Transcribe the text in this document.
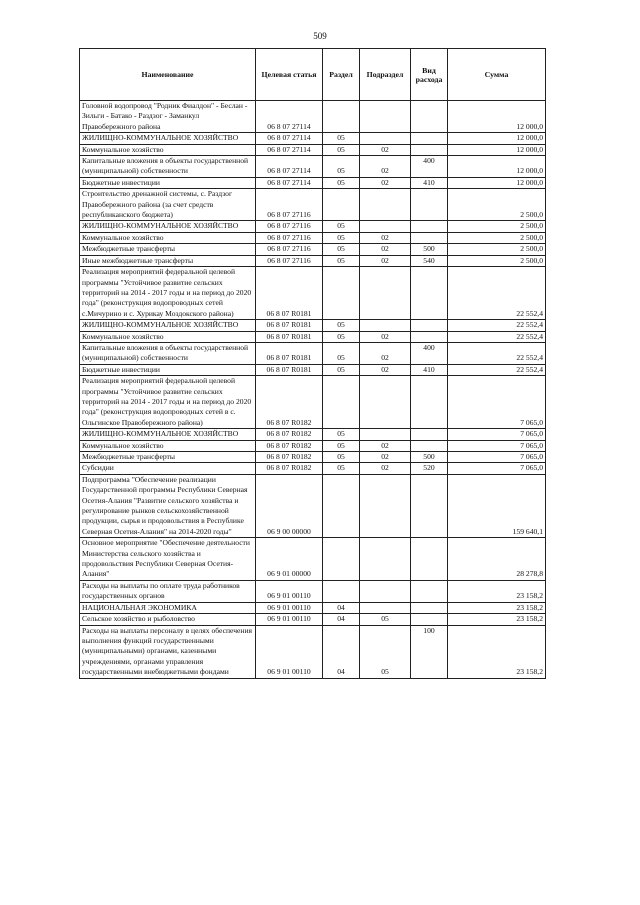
509
Наименование	Целевая статья	Раздел	Подраздел	Вид расхода	Сумма
Головной водопровод "Родник Фиалдон" - Беслан - Зильги - Батако - Раздзог - Заманкул Правобережного района	06 8 07 27114				12 000,0
ЖИЛИЩНО-КОММУНАЛЬНОЕ ХОЗЯЙСТВО	06 8 07 27114	05			12 000,0
Коммунальное хозяйство	06 8 07 27114	05	02		12 000,0
Капитальные вложения в объекты государственной (муниципальной) собственности	06 8 07 27114	05	02	400	12 000,0
Бюджетные инвестиции	06 8 07 27114	05	02	410	12 000,0
Строительство дренажной системы, с. Раздзог Правобережного района (за счет средств республиканского бюджета)	06 8 07 27116				2 500,0
ЖИЛИЩНО-КОММУНАЛЬНОЕ ХОЗЯЙСТВО	06 8 07 27116	05			2 500,0
Коммунальное хозяйство	06 8 07 27116	05	02		2 500,0
Межбюджетные трансферты	06 8 07 27116	05	02	500	2 500,0
Иные межбюджетные трансферты	06 8 07 27116	05	02	540	2 500,0
Реализация мероприятий федеральной целевой программы "Устойчивое развитие сельских территорий на 2014 - 2017 годы и на период до 2020 года" (реконструкция водопроводных сетей с.Мичурино и с. Хурикау Моздокского района)	06 8 07 R0181				22 552,4
ЖИЛИЩНО-КОММУНАЛЬНОЕ ХОЗЯЙСТВО	06 8 07 R0181	05			22 552,4
Коммунальное хозяйство	06 8 07 R0181	05	02		22 552,4
Капитальные вложения в объекты государственной (муниципальной) собственности	06 8 07 R0181	05	02	400	22 552,4
Бюджетные инвестиции	06 8 07 R0181	05	02	410	22 552,4
Реализация мероприятий федеральной целевой программы "Устойчивое развитие сельских территорий на 2014 - 2017 годы и на период до 2020 года" (реконструкция водопроводных сетей в с. Ольгинское Правобережного района)	06 8 07 R0182				7 065,0
ЖИЛИЩНО-КОММУНАЛЬНОЕ ХОЗЯЙСТВО	06 8 07 R0182	05			7 065,0
Коммунальное хозяйство	06 8 07 R0182	05	02		7 065,0
Межбюджетные трансферты	06 8 07 R0182	05	02	500	7 065,0
Субсидии	06 8 07 R0182	05	02	520	7 065,0
Подпрограмма "Обеспечение реализации Государственной программы Республики Северная Осетия-Алания "Развитие сельского хозяйства и регулирование рынков сельскохозяйственной продукции, сырья и продовольствия в Республике Северная Осетия-Алания" на 2014-2020 годы"	06 9 00 00000				159 640,1
Основное мероприятие "Обеспечение деятельности Министерства сельского хозяйства и продовольствия Республики Северная Осетия-Алания"	06 9 01 00000				28 278,8
Расходы на выплаты по оплате труда работников государственных органов	06 9 01 00110				23 158,2
НАЦИОНАЛЬНАЯ ЭКОНОМИКА	06 9 01 00110	04			23 158,2
Сельское хозяйство и рыболовство	06 9 01 00110	04	05		23 158,2
Расходы на выплаты персоналу в целях обеспечения выполнения функций государственными (муниципальными) органами, казенными учреждениями, органами управления государственными внебюджетными фондами	06 9 01 00110	04	05	100	23 158,2
